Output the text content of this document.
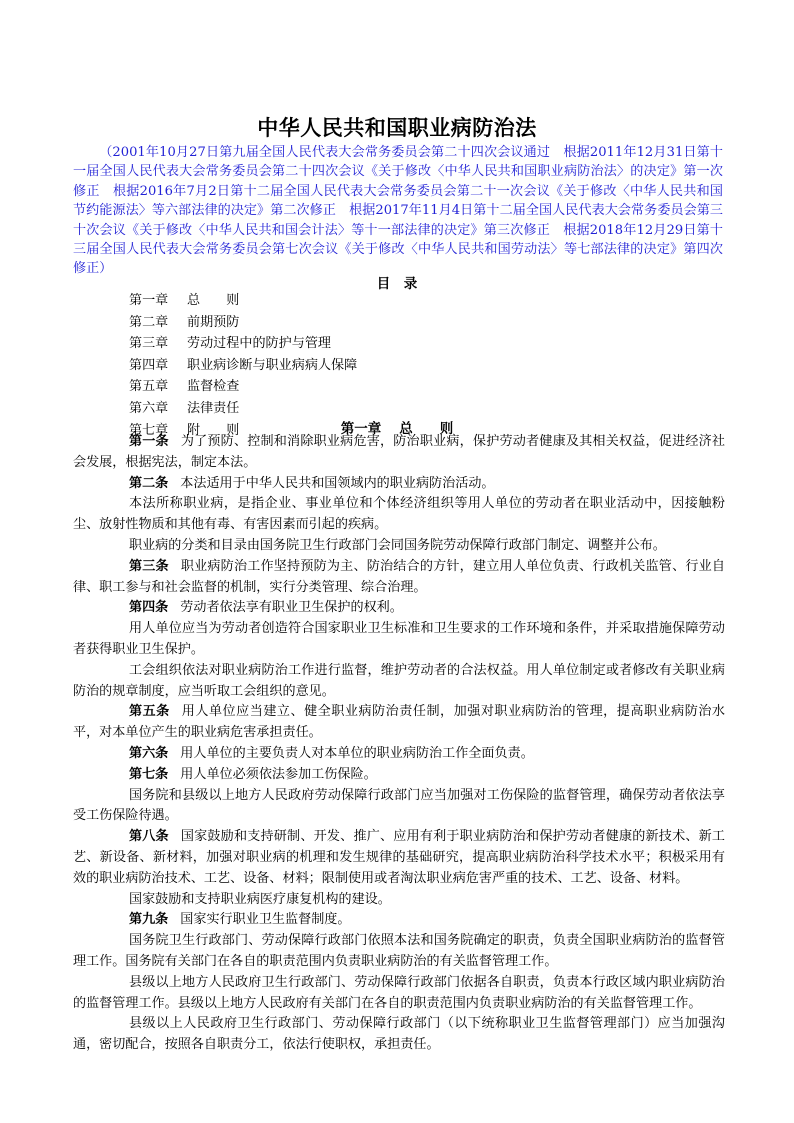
中华人民共和国职业病防治法

（2001年10月27日第九届全国人民代表大会常务委员会第二十四次会议通过　根据2011年12月31日第十一届全国人民代表大会常务委员会第二十四次会议《关于修改〈中华人民共和国职业病防治法〉的决定》第一次修正　根据2016年7月2日第十二届全国人民代表大会常务委员会第二十一次会议《关于修改〈中华人民共和国节约能源法〉等六部法律的决定》第二次修正　根据2017年11月4日第十二届全国人民代表大会常务委员会第三十次会议《关于修改〈中华人民共和国会计法〉等十一部法律的决定》第三次修正　根据2018年12月29日第十三届全国人民代表大会常务委员会第七次会议《关于修改〈中华人民共和国劳动法〉等七部法律的决定》第四次修正）

目　录
第一章 总　　则
第二章 前期预防
第三章 劳动过程中的防护与管理
第四章 职业病诊断与职业病病人保障
第五章 监督检查
第六章 法律责任
第七章 附　　则	第一章 总　　则

第一条 为了预防、控制和消除职业病危害，防治职业病，保护劳动者健康及其相关权益，促进经济社会发展，根据宪法，制定本法。

第二条 本法适用于中华人民共和国领域内的职业病防治活动。

本法所称职业病，是指企业、事业单位和个体经济组织等用人单位的劳动者在职业活动中，因接触粉尘、放射性物质和其他有毒、有害因素而引起的疾病。

职业病的分类和目录由国务院卫生行政部门会同国务院劳动保障行政部门制定、调整并公布。

第三条 职业病防治工作坚持预防为主、防治结合的方针，建立用人单位负责、行政机关监管、行业自律、职工参与和社会监督的机制，实行分类管理、综合治理。

第四条 劳动者依法享有职业卫生保护的权利。

用人单位应当为劳动者创造符合国家职业卫生标准和卫生要求的工作环境和条件，并采取措施保障劳动者获得职业卫生保护。

工会组织依法对职业病防治工作进行监督，维护劳动者的合法权益。用人单位制定或者修改有关职业病防治的规章制度，应当听取工会组织的意见。

第五条 用人单位应当建立、健全职业病防治责任制，加强对职业病防治的管理，提高职业病防治水平，对本单位产生的职业病危害承担责任。

第六条 用人单位的主要负责人对本单位的职业病防治工作全面负责。

第七条 用人单位必须依法参加工伤保险。

国务院和县级以上地方人民政府劳动保障行政部门应当加强对工伤保险的监督管理，确保劳动者依法享受工伤保险待遇。

第八条 国家鼓励和支持研制、开发、推广、应用有利于职业病防治和保护劳动者健康的新技术、新工艺、新设备、新材料，加强对职业病的机理和发生规律的基础研究，提高职业病防治科学技术水平；积极采用有效的职业病防治技术、工艺、设备、材料；限制使用或者淘汰职业病危害严重的技术、工艺、设备、材料。

国家鼓励和支持职业病医疗康复机构的建设。

第九条 国家实行职业卫生监督制度。

国务院卫生行政部门、劳动保障行政部门依照本法和国务院确定的职责，负责全国职业病防治的监督管理工作。国务院有关部门在各自的职责范围内负责职业病防治的有关监督管理工作。

县级以上地方人民政府卫生行政部门、劳动保障行政部门依据各自职责，负责本行政区域内职业病防治的监督管理工作。县级以上地方人民政府有关部门在各自的职责范围内负责职业病防治的有关监督管理工作。

县级以上人民政府卫生行政部门、劳动保障行政部门（以下统称职业卫生监督管理部门）应当加强沟通，密切配合，按照各自职责分工，依法行使职权，承担责任。
